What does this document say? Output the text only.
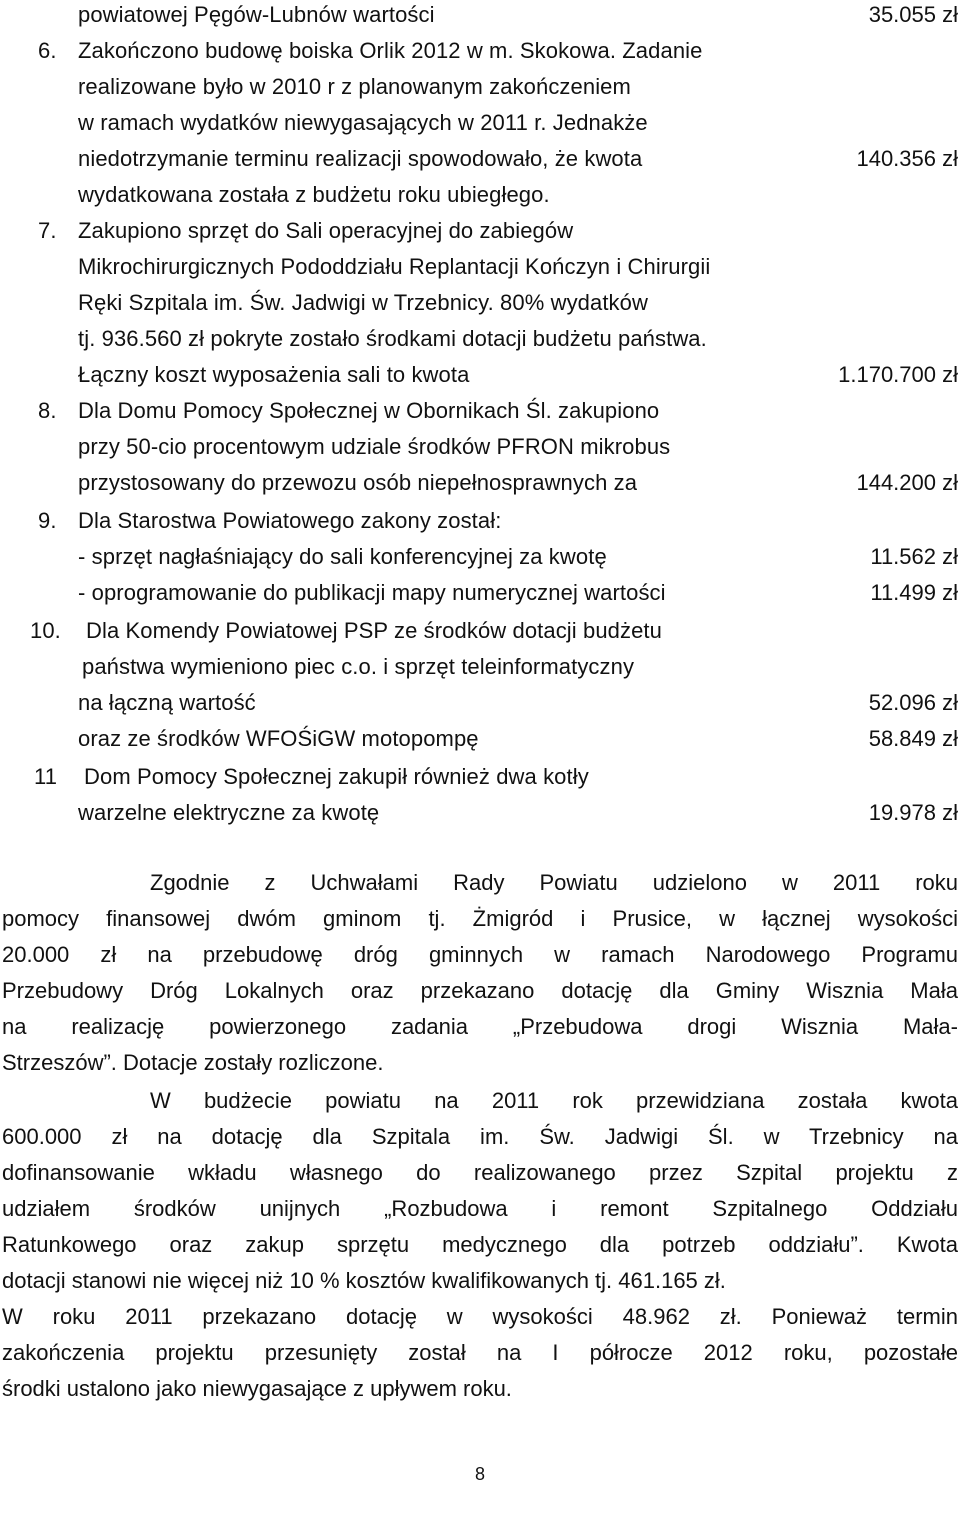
powiatowej Pęgów-Lubnów wartości	35.055 zł
6. Zakończono budowę boiska Orlik 2012 w m. Skokowa. Zadanie
realizowane było w 2010 r z planowanym zakończeniem
w ramach wydatków niewygasających w 2011 r. Jednakże
niedotrzymanie terminu realizacji spowodowało, że kwota	140.356 zł
wydatkowana została z budżetu roku ubiegłego.
7. Zakupiono sprzęt do Sali operacyjnej do zabiegów
Mikrochirurgicznych Pododdziału Replantacji Kończyn i Chirurgii
Ręki Szpitala im. Św. Jadwigi w Trzebnicy. 80% wydatków
tj. 936.560 zł pokryte zostało środkami dotacji budżetu państwa.
Łączny koszt wyposażenia sali to kwota	1.170.700 zł
8. Dla Domu Pomocy Społecznej w Obornikach Śl. zakupiono
przy 50-cio procentowym udziale środków PFRON mikrobus
przystosowany do przewozu osób niepełnosprawnych za	144.200 zł
9. Dla Starostwa Powiatowego zakony został:
- sprzęt nagłaśniający do sali konferencyjnej za kwotę	11.562 zł
- oprogramowanie do publikacji mapy numerycznej wartości	11.499 zł
10. Dla Komendy Powiatowej PSP ze środków dotacji budżetu
państwa wymieniono piec c.o. i sprzęt teleinformatyczny
na łączną wartość	52.096 zł
oraz ze środków WFOŚiGW motopompę	58.849 zł
11 Dom Pomocy Społecznej zakupił również dwa kotły
warzelne elektryczne za kwotę	19.978 zł
Zgodnie z Uchwałami Rady Powiatu udzielono w 2011 roku
pomocy finansowej dwóm gminom tj. Żmigród i Prusice, w łącznej wysokości
20.000 zł na przebudowę dróg gminnych w ramach Narodowego Programu
Przebudowy Dróg Lokalnych oraz przekazano dotację dla Gminy Wisznia Mała
na realizację powierzonego zadania „Przebudowa drogi Wisznia Mała-
Strzeszów”. Dotacje zostały rozliczone.
W budżecie powiatu na 2011 rok przewidziana została kwota
600.000 zł na dotację dla Szpitala im. Św. Jadwigi Śl. w Trzebnicy na
dofinansowanie wkładu własnego do realizowanego przez Szpital projektu z
udziałem środków unijnych „Rozbudowa i remont Szpitalnego Oddziału
Ratunkowego oraz zakup sprzętu medycznego dla potrzeb oddziału”. Kwota
dotacji stanowi nie więcej niż 10 % kosztów kwalifikowanych tj. 461.165 zł.
W roku 2011 przekazano dotację w wysokości 48.962 zł. Ponieważ termin
zakończenia projektu przesunięty został na I półrocze 2012 roku, pozostałe
środki ustalono jako niewygasające z upływem roku.
8
